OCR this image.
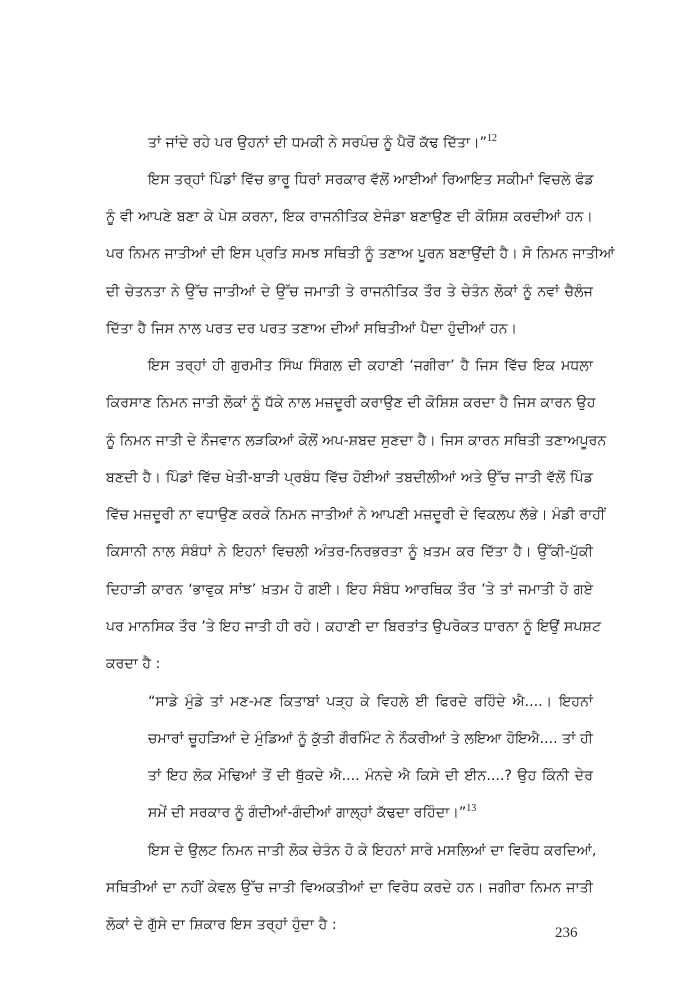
ਤਾਂ ਜਾਂਦੇ ਰਹੇ ਪਰ ਉਹਨਾਂ ਦੀ ਧਮਕੀ ਨੇ ਸਰਪੰਚ ਨੂੰ ਪੈਰੋਂ ਕੱਢ ਦਿੱਤਾ।”$^{12}$
ਇਸ ਤਰ੍ਹਾਂ ਪਿੰਡਾਂ ਵਿੱਚ ਭਾਰੂ ਧਿਰਾਂ ਸਰਕਾਰ ਵੱਲੋਂ ਆਈਆਂ ਰਿਆਇਤ ਸਕੀਮਾਂ ਵਿਚਲੇ ਫੰਡ
ਨੂੰ ਵੀ ਆਪਣੇ ਬਣਾ ਕੇ ਪੇਸ਼ ਕਰਨਾ, ਇਕ ਰਾਜਨੀਤਿਕ ਏਜੰਡਾ ਬਣਾਉਣ ਦੀ ਕੋਸ਼ਿਸ਼ ਕਰਦੀਆਂ ਹਨ।
ਪਰ ਨਿਮਨ ਜਾਤੀਆਂ ਦੀ ਇਸ ਪ੍ਰਤਿ ਸਮਝ ਸਥਿਤੀ ਨੂੰ ਤਣਾਅ ਪੂਰਨ ਬਣਾਉਂਦੀ ਹੈ। ਸੋ ਨਿਮਨ ਜਾਤੀਆਂ
ਦੀ ਚੇਤਨਤਾ ਨੇ ਉੱਚ ਜਾਤੀਆਂ ਦੇ ਉੱਚ ਜਮਾਤੀ ਤੇ ਰਾਜਨੀਤਿਕ ਤੌਰ ਤੇ ਚੇਤੰਨ ਲੋਕਾਂ ਨੂੰ ਨਵਾਂ ਚੈਲੰਜ
ਦਿੱਤਾ ਹੈ ਜਿਸ ਨਾਲ ਪਰਤ ਦਰ ਪਰਤ ਤਣਾਅ ਦੀਆਂ ਸਥਿਤੀਆਂ ਪੈਦਾ ਹੁੰਦੀਆਂ ਹਨ।
ਇਸ ਤਰ੍ਹਾਂ ਹੀ ਗੁਰਮੀਤ ਸਿੰਘ ਸਿੰਗਲ ਦੀ ਕਹਾਣੀ ‘ਜਗੀਰਾ’ ਹੈ ਜਿਸ ਵਿੱਚ ਇਕ ਮਧਲਾ
ਕਿਰਸਾਣ ਨਿਮਨ ਜਾਤੀ ਲੋਕਾਂ ਨੂੰ ਧੱਕੇ ਨਾਲ ਮਜ਼ਦੂਰੀ ਕਰਾਉਣ ਦੀ ਕੋਸ਼ਿਸ਼ ਕਰਦਾ ਹੈ ਜਿਸ ਕਾਰਨ ਉਹ
ਨੂੰ ਨਿਮਨ ਜਾਤੀ ਦੇ ਨੌਜਵਾਨ ਲੜਕਿਆਂ ਕੋਲੋਂ ਅਪ-ਸ਼ਬਦ ਸੁਣਦਾ ਹੈ। ਜਿਸ ਕਾਰਨ ਸਥਿਤੀ ਤਣਾਅਪੂਰਨ
ਬਣਦੀ ਹੈ। ਪਿੰਡਾਂ ਵਿੱਚ ਖੇਤੀ-ਬਾੜੀ ਪ੍ਰਬੰਧ ਵਿੱਚ ਹੋਈਆਂ ਤਬਦੀਲੀਆਂ ਅਤੇ ਉੱਚ ਜਾਤੀ ਵੱਲੋਂ ਪਿੰਡ
ਵਿੱਚ ਮਜ਼ਦੂਰੀ ਨਾ ਵਧਾਉਣ ਕਰਕੇ ਨਿਮਨ ਜਾਤੀਆਂ ਨੇ ਆਪਣੀ ਮਜ਼ਦੂਰੀ ਦੇ ਵਿਕਲਪ ਲੱਭੇ। ਮੰਡੀ ਰਾਹੀਂ
ਕਿਸਾਨੀ ਨਾਲ ਸੰਬੰਧਾਂ ਨੇ ਇਹਨਾਂ ਵਿਚਲੀ ਅੰਤਰ-ਨਿਰਭਰਤਾ ਨੂੰ ਖ਼ਤਮ ਕਰ ਦਿੱਤਾ ਹੈ। ਉੱਕੀ-ਪੁੱਕੀ
ਦਿਹਾੜੀ ਕਾਰਨ ‘ਭਾਵੁਕ ਸਾਂਝ’ ਖ਼ਤਮ ਹੋ ਗਈ। ਇਹ ਸੰਬੰਧ ਆਰਥਿਕ ਤੌਰ ’ਤੇ ਤਾਂ ਜਮਾਤੀ ਹੋ ਗਏ
ਪਰ ਮਾਨਸਿਕ ਤੌਰ ’ਤੇ ਇਹ ਜਾਤੀ ਹੀ ਰਹੇ। ਕਹਾਣੀ ਦਾ ਬਿਰਤਾਂਤ ਉਪਰੋਕਤ ਧਾਰਨਾ ਨੂੰ ਇਉਂ ਸਪਸ਼ਟ
ਕਰਦਾ ਹੈ :
“ਸਾਡੇ ਮੁੰਡੇ ਤਾਂ ਮਣ-ਮਣ ਕਿਤਾਬਾਂ ਪੜ੍ਹ ਕੇ ਵਿਹਲੇ ਈ ਫਿਰਦੇ ਰਹਿੰਦੇ ਐ....। ਇਹਨਾਂ
ਚਮਾਰਾਂ ਚੂਹੜਿਆਂ ਦੇ ਮੁੰਡਿਆਂ ਨੂੰ ਕੁੱਤੀ ਗੌਰਮਿੰਟ ਨੇ ਨੌਕਰੀਆਂ ਤੇ ਲਇਆ ਹੋਇਐ.... ਤਾਂ ਹੀ
ਤਾਂ ਇਹ ਲੋਕ ਮੋਢਿਆਂ ਤੋਂ ਦੀ ਥੁੱਕਦੇ ਐ.... ਮੰਨਦੇ ਐ ਕਿਸੇ ਦੀ ਈਨ....? ਉਹ ਕਿੰਨੀ ਦੇਰ
ਸਮੇਂ ਦੀ ਸਰਕਾਰ ਨੂੰ ਗੰਦੀਆਂ-ਗੰਦੀਆਂ ਗਾਲ੍ਹਾਂ ਕੱਢਦਾ ਰਹਿੰਦਾ।”$^{13}$
ਇਸ ਦੇ ਉਲਟ ਨਿਮਨ ਜਾਤੀ ਲੋਕ ਚੇਤੰਨ ਹੋ ਕੇ ਇਹਨਾਂ ਸਾਰੇ ਮਸਲਿਆਂ ਦਾ ਵਿਰੋਧ ਕਰਦਿਆਂ,
ਸਥਿਤੀਆਂ ਦਾ ਨਹੀਂ ਕੇਵਲ ਉੱਚ ਜਾਤੀ ਵਿਅਕਤੀਆਂ ਦਾ ਵਿਰੋਧ ਕਰਦੇ ਹਨ। ਜਗੀਰਾ ਨਿਮਨ ਜਾਤੀ
ਲੋਕਾਂ ਦੇ ਗੁੱਸੇ ਦਾ ਸ਼ਿਕਾਰ ਇਸ ਤਰ੍ਹਾਂ ਹੁੰਦਾ ਹੈ :	236
